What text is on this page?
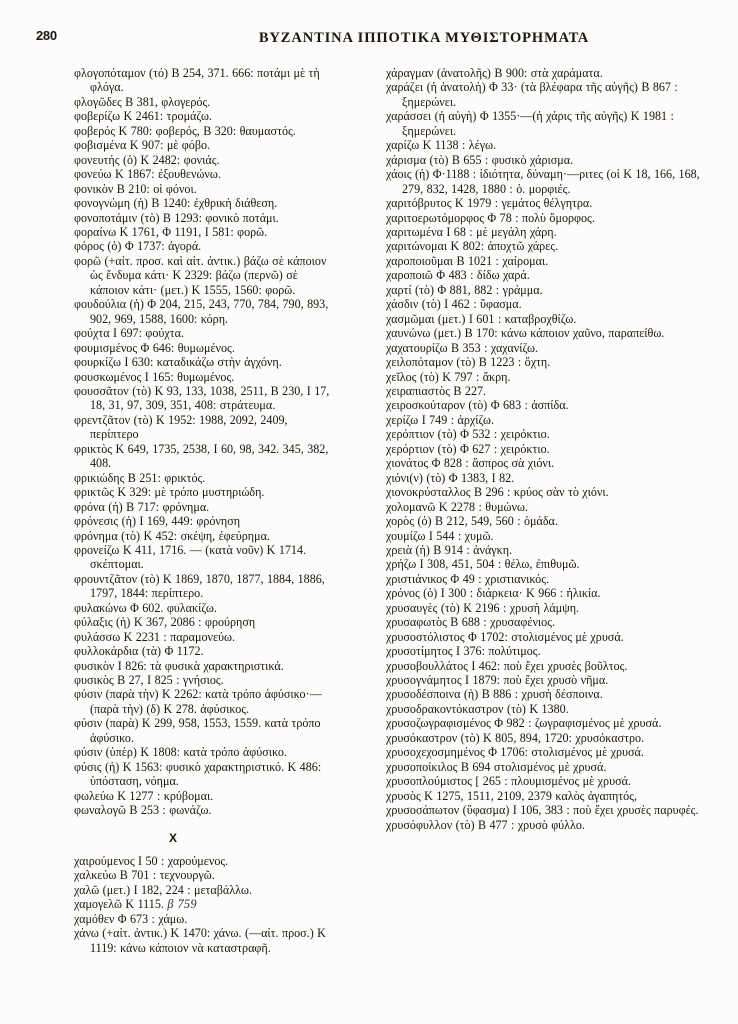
280	ΒΥΖΑΝΤΙΝΑ ΙΠΠΟΤΙΚΑ ΜΥΘΙΣΤΟΡΗΜΑΤΑ

φλογοπόταμον (τό) Β 254, 371. 666: ποτάμι μὲ τὴ φλόγα.

φλογῶδες Β 381, φλογερός.

φοβερίζω Κ 2461: τρομάζω.

φοβερός Κ 780: φοβερός, Β 320: θαυμαστός.

φοβισμένα Κ 907: μὲ φόβο.

φονευτής (ὁ) Κ 2482: φονιάς.

φονεύω Κ 1867: ἐξουθενώνω.

φονικὸν Β 210: οἱ φόνοι.

φονογνώμη (ἡ) Β 1240: ἐχθρικὴ διάθεση.

φονοποτάμιν (τὸ) Β 1293: φονικὸ ποτάμι.

φοραίνω Κ 1761, Φ 1191, Ι 581: φορῶ.

φόρος (ὁ) Φ 1737: ἀγορά.

φορῶ (+αἰτ. προσ. καὶ αἰτ. ἀντικ.) βάζω σὲ κάποιον ὡς ἔνδυμα κάτι· Κ 2329: βάζω (περνῶ) σὲ κάποιον κάτι· (μετ.) Κ 1555, 1560: φορῶ.

φουδούλια (ἡ) Φ 204, 215, 243, 770, 784, 790, 893, 902, 969, 1588, 1600: κόρη.

φούχτα Ι 697: φούχτα.

φουμισμένος Φ 646: θυμωμένος.

φουρκίζω Ι 630: καταδικάζω στὴν ἀγχόνη.

φουσκωμένος Ι 165: θυμωμένος.

φουσσᾶτον (τὸ) Κ 93, 133, 1038, 2511, Β 230, Ι 17, 18, 31, 97, 309, 351, 408: στράτευμα.

φρεντζᾶτον (τὸ) Κ 1952: 1988, 2092, 2409, περίπτερο

φρικτὸς Κ 649, 1735, 2538, Ι 60, 98, 342. 345, 382, 408.

φρικιώδης Β 251: φρικτός.

φρικτῶς Κ 329: μὲ τρόπο μυστηριώδη.

φρόνα (ἡ) Β 717: φρόνημα.

φρόνεσις (ἡ) Ι 169, 449: φρόνηση

φρόνημα (τὸ) Κ 452: σκέψη, ἐφεύρημα.

φρονείζω Κ 411, 1716. — (κατὰ νοῦν) Κ 1714. σκέπτομαι.

φρουντζᾶτον (τὸ) Κ 1869, 1870, 1877, 1884, 1886, 1797, 1844: περίπτερο.

φυλακώνω Φ 602. φυλακίζω.

φύλαξις (ἡ) Κ 367, 2086 : φρούρηση

φυλάσσω Κ 2231 : παραμονεύω.

φυλλοκάρδια (τὰ) Φ 1172.

φυσικὸν Ι 826: τὰ φυσικὰ χαρακτηριστικά.

φυσικὸς Β 27, Ι 825 : γνήσιος.

φύσιν (παρὰ τὴν) Κ 2262: κατὰ τρόπο ἀφύσικο·—(παρὰ τὴν) (δ) Κ 278. ἀφύσικος.

φύσιν (παρὰ) Κ 299, 958, 1553, 1559. κατὰ τρόπο ἀφύσικο.

φύσιν (ὑπὲρ) Κ 1808: κατὰ τρόπο ἀφύσικο.

φύσις (ἡ) Κ 1563: φυσικὸ χαρακτηριστικό. Κ 486: ὑπόσταση, νόημα.

φωλεύω Κ 1277 : κρύβομαι.

φωναλογῶ Β 253 : φωνάζω.

X

χαιρούμενος Ι 50 : χαρούμενος.

χαλκεύω Β 701 : τεχνουργῶ.

χαλῶ (μετ.) Ι 182, 224 : μεταβάλλω.

χαμογελῶ Κ 1115. β 759

χαμόθεν Φ 673 : χάμω.

χάνω (+αἰτ. ἀντικ.) Κ 1470: χάνω. (—αἰτ. προσ.) Κ 1119: κάνω κάποιον νὰ καταστραφῆ.

χάραγμαν (ἀνατολῆς) Β 900: στὰ χαράματα.

χαράζει (ἡ ἀνατολὴ) Φ 33· (τὰ βλέφαρα τῆς αὐγῆς) Β 867 : ξημερώνει.

χαράσσει (ἡ αὐγὴ) Φ 1355·—(ἡ χάρις τῆς αὐγῆς) Κ 1981 : ξημερώνει.

χαρίζω Κ 1138 : λέγω.

χάρισμα (τὸ) Β 655 : φυσικὸ χάρισμα.

χάοις (ἡ) Φ·1188 : ἰδιότητα, δύναμη·—ριτες (οἱ Κ 18, 166, 168, 279, 832, 1428, 1880 : ὁ. μορφιές.

χαριτόβρυτος Κ 1979 : γεμάτος θέλγητρα.

χαριτοερωτόμορφος Φ 78 : πολὺ ὄμορφος.

χαριτωμένα Ι 68 : μὲ μεγάλη χάρη.

χαριτώνομαι Κ 802: ἀποχτῶ χάρες.

χαροποιοῦμαι Β 1021 : χαίρομαι.

χαροποιῶ Φ 483 : δίδω χαρά.

χαρτί (τὸ) Φ 881, 882 : γράμμα.

χάσδιν (τὸ) Ι 462 : ὕφασμα.

χασμῶμαι (μετ.) Ι 601 : καταβροχθίζω.

χαυνώνω (μετ.) Β 170: κάνω κάποιον χαῦνο, παραπείθω.

χαχατουρίζω Β 353 : χαχανίζω.

χειλοπόταμον (τὸ) Β 1223 : ὄχτη.

χεῖλος (τὸ) Κ 797 : ἄκρη.

χειραπιαστὸς Β 227.

χειροσκούταρον (τὸ) Φ 683 : ἀσπίδα.

χερίζω Ι 749 : ἀρχίζω.

χερόπτιον (τὸ) Φ 532 : χειρόκτιο.

χερόρτιον (τὸ) Φ 627 : χειρόκτιο.

χιονάτος Φ 828 : ἄσπρος σὰ χιόνι.

χιόνι(ν) (τὸ) Φ 1383, Ι 82.

χιονοκρύσταλλος Β 296 : κρύος σὰν τὸ χιόνι.

χολομανῶ Κ 2278 : θυμώνω.

χορὸς (ὁ) Β 212, 549, 560 : ὁμάδα.

χουμίζω Ι 544 : χυμῶ.

χρειὰ (ἡ) Β 914 : ἀνάγκη.

χρήζω Ι 308, 451, 504 : θέλω, ἐπιθυμῶ.

χριστιάνικος Φ 49 : χριστιανικός.

χρόνος (ὁ) Ι 300 : διάρκεια· Κ 966 : ἡλικία.

χρυσαυγὲς (τὸ) Κ 2196 : χρυσὴ λάμψη.

χρυσαφωτὸς Β 688 : χρυσαφένιος.

χρυσοστόλιστος Φ 1702: στολισμένος μὲ χρυσά.

χρυσοτίμητος Ι 376: πολύτιμος.

χρυσοβουλλάτος Ι 462: ποὺ ἔχει χρυσὲς βοῦλτος.

χρυσογνάμητος Ι 1879: ποὺ ἔχει χρυσὸ νῆμα.

χρυσοδέσποινα (ἡ) Β 886 : χρυσὴ δέσποινα.

χρυσοδρακοντόκαστρον (τὸ) Κ 1380.

χρυσοζωγραφισμένος Φ 982 : ζωγραφισμένος μὲ χρυσά.

χρυσόκαστρον (τὸ) Κ 805, 894, 1720: χρυσόκαστρο.

χρυσοχεχοσμημένος Φ 1706: στολισμένος μὲ χρυσά.

χρυσοποίκιλος Β 694 στολισμένος μὲ χρυσά.

χρυσοπλούμιστος [ 265 : πλουμισμένος μὲ χρυσά.

χρυσὸς Κ 1275, 1511, 2109, 2379 καλὸς ἀγαπητός,

χρυσοσάπωτον (ὕφασμα) Ι 106, 383 : ποὺ ἔχει χρυσὲς παρυφές.

χρυσόφυλλον (τὸ) Β 477 : χρυσὸ φύλλο.
